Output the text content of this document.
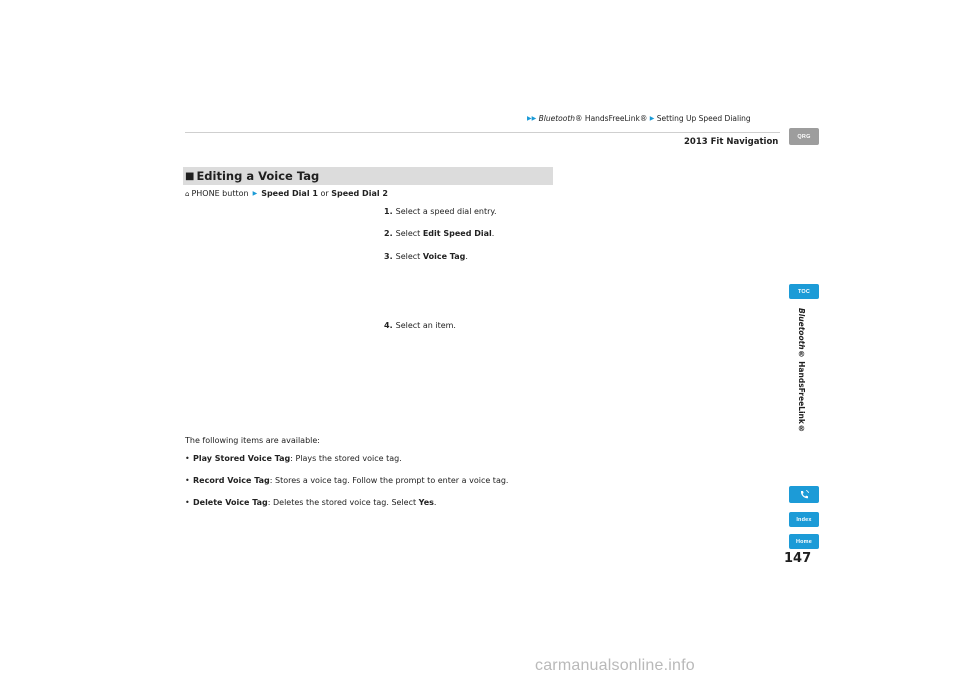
▶▶ Bluetooth® HandsFreeLink® ▶ Setting Up Speed Dialing
2013 Fit Navigation
QRG
TOC
Bluetooth® HandsFreeLink®
Index
Home
147
■ Editing a Voice Tag
⌂ PHONE button ▶ Speed Dial 1 or Speed Dial 2
1. Select a speed dial entry.
2. Select Edit Speed Dial.
3. Select Voice Tag.
4. Select an item.
The following items are available:
• Play Stored Voice Tag: Plays the stored voice tag.
• Record Voice Tag: Stores a voice tag. Follow the prompt to enter a voice tag.
• Delete Voice Tag: Deletes the stored voice tag. Select Yes.
carmanualsonline.info
